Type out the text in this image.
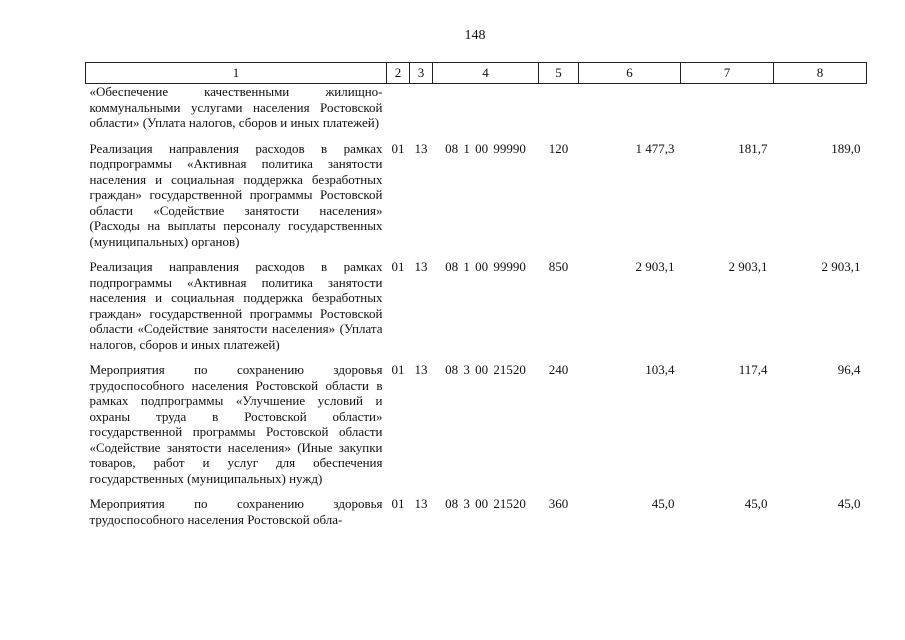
148
1	2	3	4	5	6	7	8
«Обеспечение качественными жилищно-коммунальными услугами населения Ростовской области» (Уплата налогов, сборов и иных платежей)							
Реализация направления расходов в рамках подпрограммы «Активная политика занятости населения и социальная поддержка безработных граждан» государственной программы Ростовской области «Содействие занятости населения» (Расходы на выплаты персоналу государственных (муниципальных) органов)	01	13	08 1 00 99990	120	1 477,3	181,7	189,0
Реализация направления расходов в рамках подпрограммы «Активная политика занятости населения и социальная поддержка безработных граждан» государственной программы Ростовской области «Содействие занятости населения» (Уплата налогов, сборов и иных платежей)	01	13	08 1 00 99990	850	2 903,1	2 903,1	2 903,1
Мероприятия по сохранению здоровья трудоспособного населения Ростовской области в рамках подпрограммы «Улучшение условий и охраны труда в Ростовской области» государственной программы Ростовской области «Содействие занятости населения» (Иные закупки товаров, работ и услуг для обеспечения государственных (муниципальных) нужд)	01	13	08 3 00 21520	240	103,4	117,4	96,4
Мероприятия по сохранению здоровья трудоспособного населения Ростовской обла-	01	13	08 3 00 21520	360	45,0	45,0	45,0
